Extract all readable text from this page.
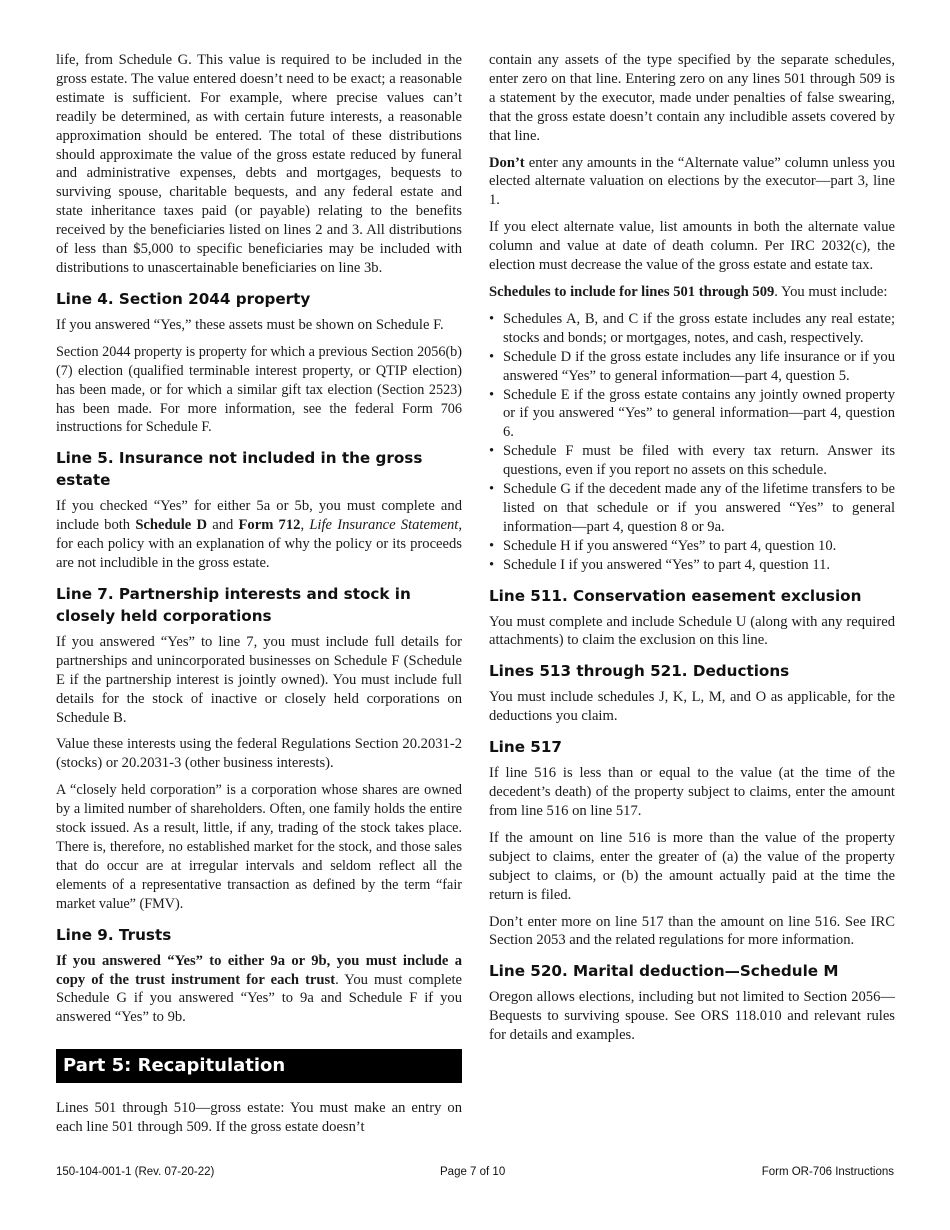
life, from Schedule G. This value is required to be included in the gross estate. The value entered doesn’t need to be exact; a reasonable estimate is sufficient. For example, where precise values can’t readily be determined, as with certain future interests, a reasonable approximation should be entered. The total of these distributions should approximate the value of the gross estate reduced by funeral and administrative expenses, debts and mortgages, bequests to surviving spouse, charitable bequests, and any federal estate and state inheritance taxes paid (or payable) relating to the benefits received by the beneficiaries listed on lines 2 and 3. All distributions of less than $5,000 to specific beneficiaries may be included with distributions to unascertainable beneficiaries on line 3b.

Line 4. Section 2044 property

If you answered “Yes,” these assets must be shown on Schedule F.

Section 2044 property is property for which a previous Section 2056(b)(7) election (qualified terminable interest property, or QTIP election) has been made, or for which a similar gift tax election (Section 2523) has been made. For more information, see the federal Form 706 instructions for Schedule F.

Line 5. Insurance not included in the gross estate

If you checked “Yes” for either 5a or 5b, you must complete and include both Schedule D and Form 712, Life Insurance Statement, for each policy with an explanation of why the policy or its proceeds are not includible in the gross estate.

Line 7. Partnership interests and stock in closely held corporations

If you answered “Yes” to line 7, you must include full details for partnerships and unincorporated businesses on Schedule F (Schedule E if the partnership interest is jointly owned). You must include full details for the stock of inactive or closely held corporations on Schedule B.

Value these interests using the federal Regulations Section 20.2031-2 (stocks) or 20.2031-3 (other business interests).

A “closely held corporation” is a corporation whose shares are owned by a limited number of shareholders. Often, one family holds the entire stock issued. As a result, little, if any, trading of the stock takes place. There is, therefore, no established market for the stock, and those sales that do occur are at irregular intervals and seldom reflect all the elements of a representative transaction as defined by the term “fair market value” (FMV).

Line 9. Trusts

If you answered “Yes” to either 9a or 9b, you must include a copy of the trust instrument for each trust. You must complete Schedule G if you answered “Yes” to 9a and Schedule F if you answered “Yes” to 9b.

Part 5: Recapitulation

Lines 501 through 510—gross estate: You must make an entry on each line 501 through 509. If the gross estate doesn’t

contain any assets of the type specified by the separate schedules, enter zero on that line. Entering zero on any lines 501 through 509 is a statement by the executor, made under penalties of false swearing, that the gross estate doesn’t contain any includible assets covered by that line.

Don’t enter any amounts in the “Alternate value” column unless you elected alternate valuation on elections by the executor—part 3, line 1.

If you elect alternate value, list amounts in both the alternate value column and value at date of death column. Per IRC 2032(c), the election must decrease the value of the gross estate and estate tax.

Schedules to include for lines 501 through 509. You must include:

• Schedules A, B, and C if the gross estate includes any real estate; stocks and bonds; or mortgages, notes, and cash, respectively.
• Schedule D if the gross estate includes any life insurance or if you answered “Yes” to general information—part 4, question 5.
• Schedule E if the gross estate contains any jointly owned property or if you answered “Yes” to general information—part 4, question 6.
• Schedule F must be filed with every tax return. Answer its questions, even if you report no assets on this schedule.
• Schedule G if the decedent made any of the lifetime transfers to be listed on that schedule or if you answered “Yes” to general information—part 4, question 8 or 9a.
• Schedule H if you answered “Yes” to part 4, question 10.
• Schedule I if you answered “Yes” to part 4, question 11.
Line 511. Conservation easement exclusion

You must complete and include Schedule U (along with any required attachments) to claim the exclusion on this line.

Lines 513 through 521. Deductions

You must include schedules J, K, L, M, and O as applicable, for the deductions you claim.

Line 517

If line 516 is less than or equal to the value (at the time of the decedent’s death) of the property subject to claims, enter the amount from line 516 on line 517.

If the amount on line 516 is more than the value of the property subject to claims, enter the greater of (a) the value of the property subject to claims, or (b) the amount actually paid at the time the return is filed.

Don’t enter more on line 517 than the amount on line 516. See IRC Section 2053 and the related regulations for more information.

Line 520. Marital deduction—Schedule M

Oregon allows elections, including but not limited to Section 2056—Bequests to surviving spouse. See ORS 118.010 and relevant rules for details and examples.

150-104-001-1 (Rev. 07-20-22)	Page 7 of 10	Form OR-706 Instructions
